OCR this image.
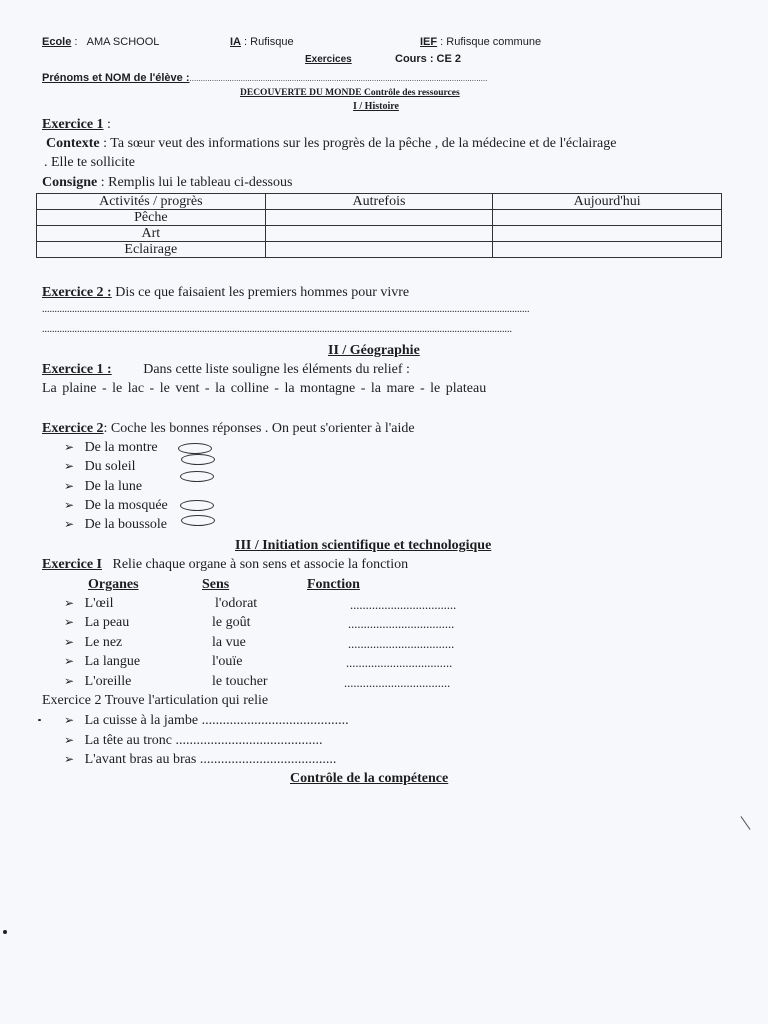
Ecole :   AMA SCHOOL	IA : Rufisque	IEF : Rufisque commune
Exercices	Cours : CE 2
Prénoms et NOM de l'élève :......................................................................................................................................
DECOUVERTE DU MONDE Contrôle des ressources
I / Histoire
Exercice 1 :
Contexte : Ta sœur veut des informations sur les progrès de la pêche , de la médecine et de l'éclairage
. Elle te sollicite
Consigne : Remplis lui le tableau ci-dessous
Activités / progrès	Autrefois	Aujourd'hui
Pêche		
Art		
Eclairage		
Exercice 2 : Dis ce que faisaient les premiers hommes pour vivre
...................................................................................................................................................................................................
............................................................................................................................................................................................
II / Géographie
Exercice 1 : Dans cette liste souligne les éléments du relief :
La plaine - le lac - le vent - la colline - la montagne - la mare - le plateau
Exercice 2: Coche les bonnes réponses . On peut s'orienter à l'aide
➢ De la montre
➢ Du soleil
➢ De la lune
➢ De la mosquée
➢ De la boussole
III / Initiation scientifique et technologique
Exercice I Relie chaque organe à son sens et associe la fonction
Organes	Sens	Fonction
➢ L'œil	l'odorat	..................................
➢ La peau	le goût	..................................
➢ Le nez	la vue	..................................
➢ La langue	l'ouïe	..................................
➢ L'oreille	le toucher	..................................
Exercice 2 Trouve l'articulation qui relie
➢ La cuisse à la jambe ..........................................
➢ La tête au tronc ..........................................
➢ L'avant bras au bras .......................................
Contrôle de la compétence
